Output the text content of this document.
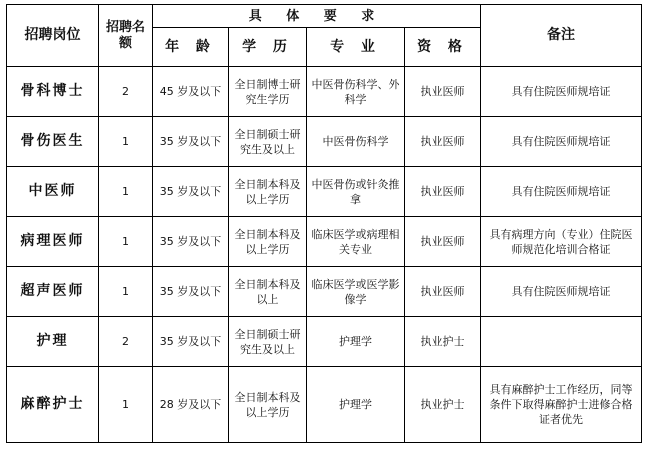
招聘岗位	招聘名额	具 体 要 求				备注
		年 龄	学 历	专 业	资 格	
骨科博士	2	45 岁及以下	全日制博士研究生学历	中医骨伤科学、外科学	执业医师	具有住院医师规培证
骨伤医生	1	35 岁及以下	全日制硕士研究生及以上	中医骨伤科学	执业医师	具有住院医师规培证
中医师	1	35 岁及以下	全日制本科及以上学历	中医骨伤或针灸推拿	执业医师	具有住院医师规培证
病理医师	1	35 岁及以下	全日制本科及以上学历	临床医学或病理相关专业	执业医师	具有病理方向（专业）住院医师规范化培训合格证
超声医师	1	35 岁及以下	全日制本科及以上	临床医学或医学影像学	执业医师	具有住院医师规培证
护理	2	35 岁及以下	全日制硕士研究生及以上	护理学	执业护士	
麻醉护士	1	28 岁及以下	全日制本科及以上学历	护理学	执业护士	具有麻醉护士工作经历，同等条件下取得麻醉护士进修合格证者优先
